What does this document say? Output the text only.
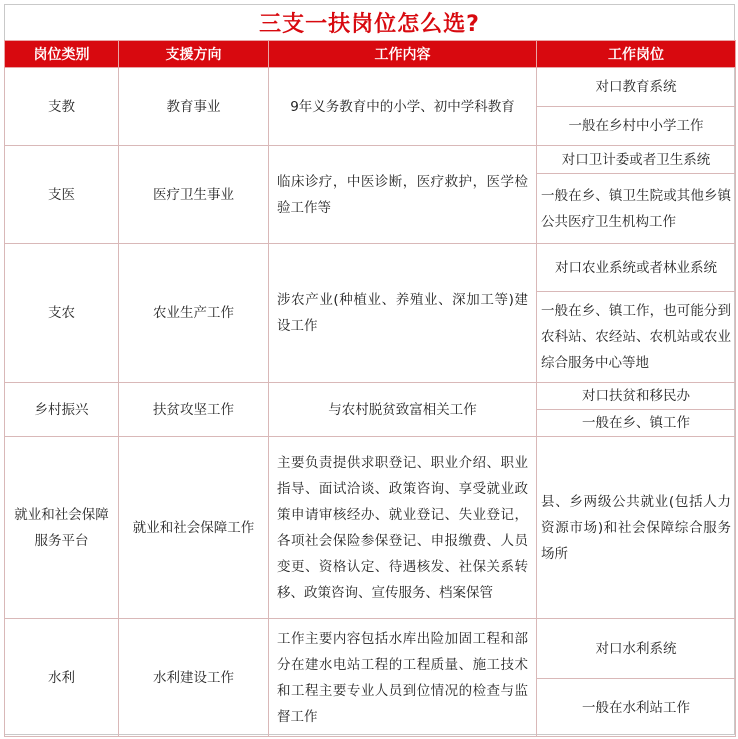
三支一扶岗位怎么选?
岗位类别	支援方向	工作内容	工作岗位
支教	教育事业	9年义务教育中的小学、初中学科教育	对口教育系统
			一般在乡村中小学工作
支医	医疗卫生事业	临床诊疗，中医诊断，医疗救护，医学检验工作等	对口卫计委或者卫生系统
			一般在乡、镇卫生院或其他乡镇公共医疗卫生机构工作
支农	农业生产工作	涉农产业(种植业、养殖业、深加工等)建设工作	对口农业系统或者林业系统
			一般在乡、镇工作，也可能分到农科站、农经站、农机站或农业综合服务中心等地
乡村振兴	扶贫攻坚工作	与农村脱贫致富相关工作	对口扶贫和移民办
			一般在乡、镇工作
就业和社会保障服务平台	就业和社会保障工作	主要负责提供求职登记、职业介绍、职业指导、面试洽谈、政策咨询、享受就业政策申请审核经办、就业登记、失业登记，各项社会保险参保登记、申报缴费、人员变更、资格认定、待遇核发、社保关系转移、政策咨询、宣传服务、档案保管	县、乡两级公共就业(包括人力资源市场)和社会保障综合服务场所
水利	水利建设工作	工作主要内容包括水库出险加固工程和部分在建水电站工程的工程质量、施工技术和工程主要专业人员到位情况的检查与监督工作	对口水利系统
			一般在水利站工作
